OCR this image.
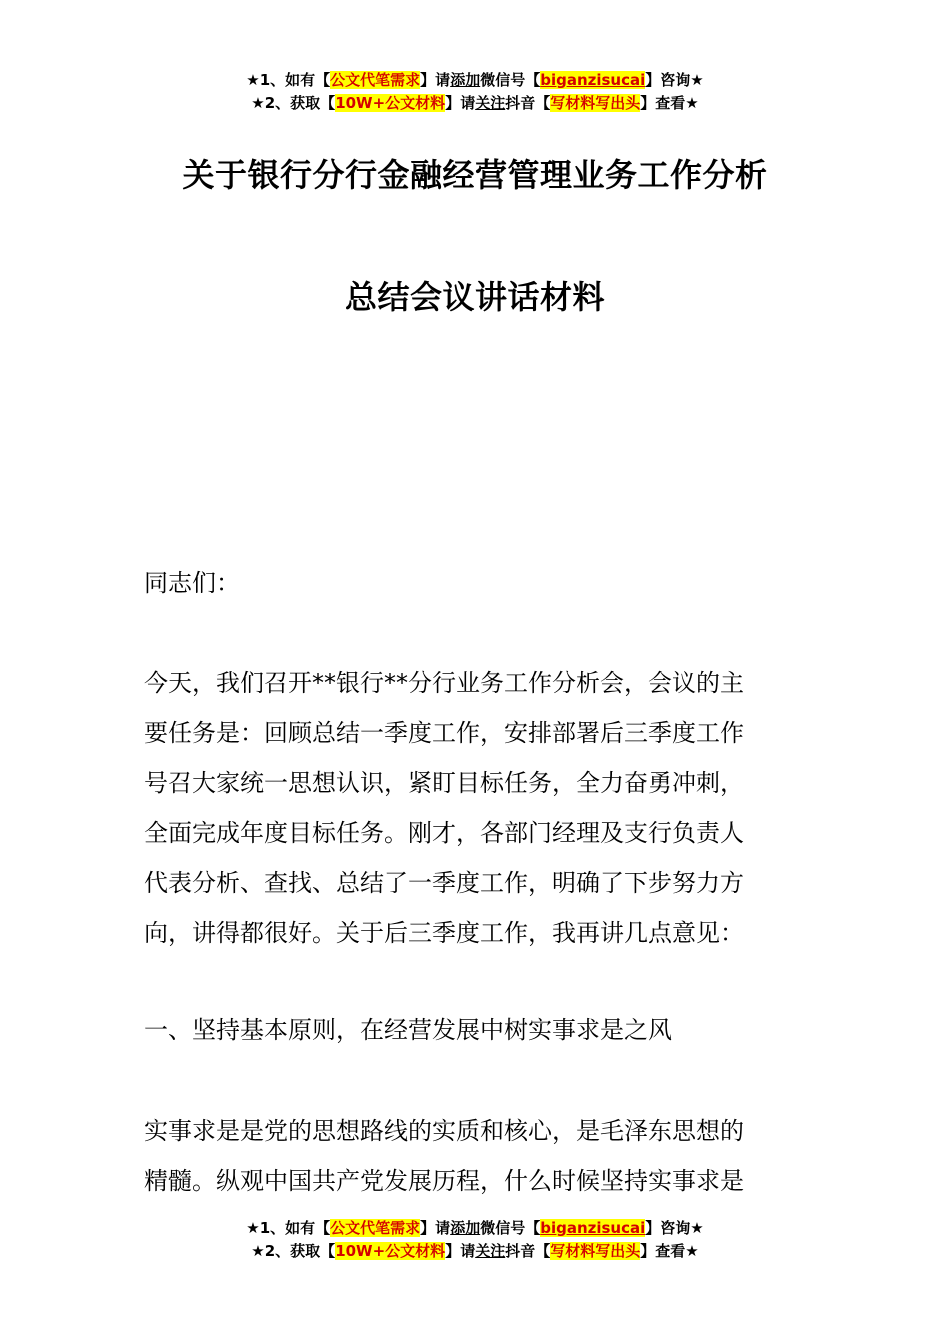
★1、如有【公文代笔需求】请添加微信号【biganzisucai】咨询★
★2、获取【10W+公文材料】请关注抖音【写材料写出头】查看★
关于银行分行金融经营管理业务工作分析
总结会议讲话材料

同志们：

今天，我们召开**银行**分行业务工作分析会，会议的主
要任务是：回顾总结一季度工作，安排部署后三季度工作
号召大家统一思想认识，紧盯目标任务，全力奋勇冲刺，
全面完成年度目标任务。刚才，各部门经理及支行负责人
代表分析、查找、总结了一季度工作，明确了下步努力方
向，讲得都很好。关于后三季度工作，我再讲几点意见：

一、坚持基本原则，在经营发展中树实事求是之风

实事求是是党的思想路线的实质和核心，是毛泽东思想的
精髓。纵观中国共产党发展历程，什么时候坚持实事求是
★1、如有【公文代笔需求】请添加微信号【biganzisucai】咨询★
★2、获取【10W+公文材料】请关注抖音【写材料写出头】查看★
